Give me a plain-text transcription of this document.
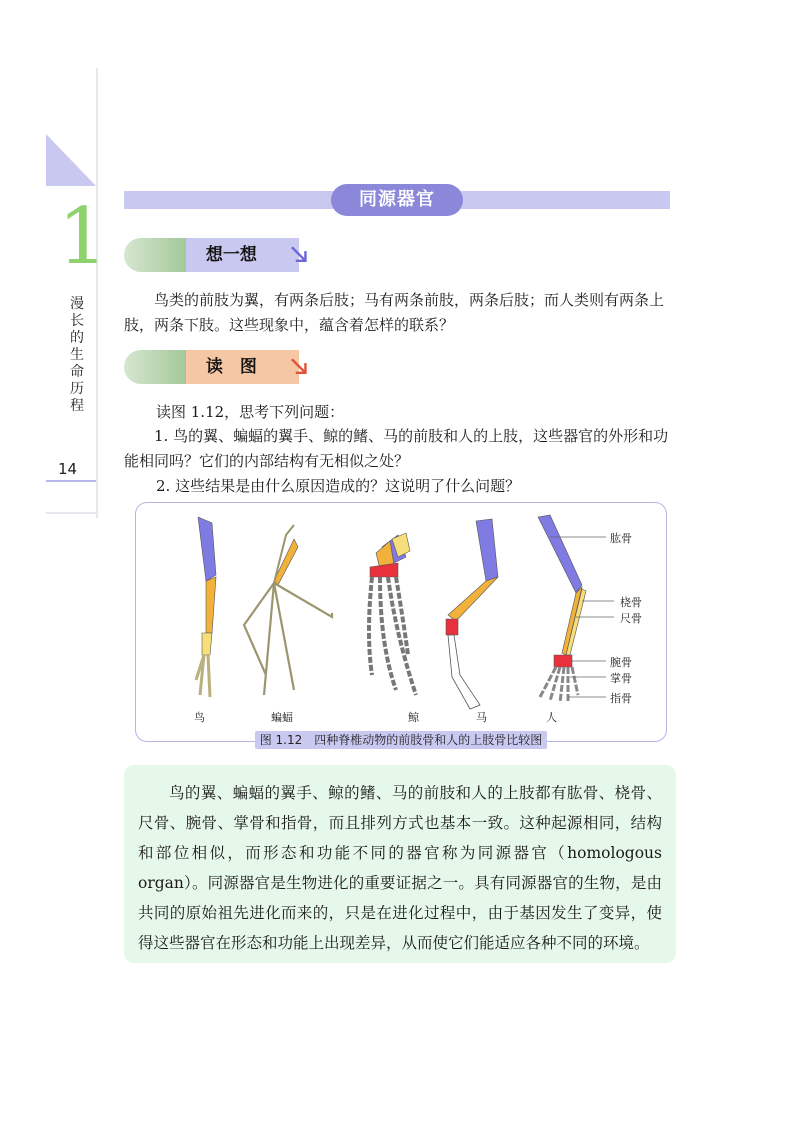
1
漫长的生命历程
14
同源器官
想一想
鸟类的前肢为翼，有两条后肢；马有两条前肢，两条后肢；而人类则有两条上肢，两条下肢。这些现象中，蕴含着怎样的联系？
读　图
读图 1.12，思考下列问题：
1. 鸟的翼、蝙蝠的翼手、鲸的鳍、马的前肢和人的上肢，这些器官的外形和功能相同吗？它们的内部结构有无相似之处？
2. 这些结果是由什么原因造成的？这说明了什么问题？
肱骨
桡骨
尺骨
腕骨
掌骨
指骨
鸟	蝙蝠	鲸	马	人
图 1.12　四种脊椎动物的前肢骨和人的上肢骨比较图
鸟的翼、蝙蝠的翼手、鲸的鳍、马的前肢和人的上肢都有肱骨、桡骨、尺骨、腕骨、掌骨和指骨，而且排列方式也基本一致。这种起源相同，结构和部位相似，而形态和功能不同的器官称为同源器官（homologous organ）。同源器官是生物进化的重要证据之一。具有同源器官的生物，是由共同的原始祖先进化而来的，只是在进化过程中，由于基因发生了变异，使得这些器官在形态和功能上出现差异，从而使它们能适应各种不同的环境。
